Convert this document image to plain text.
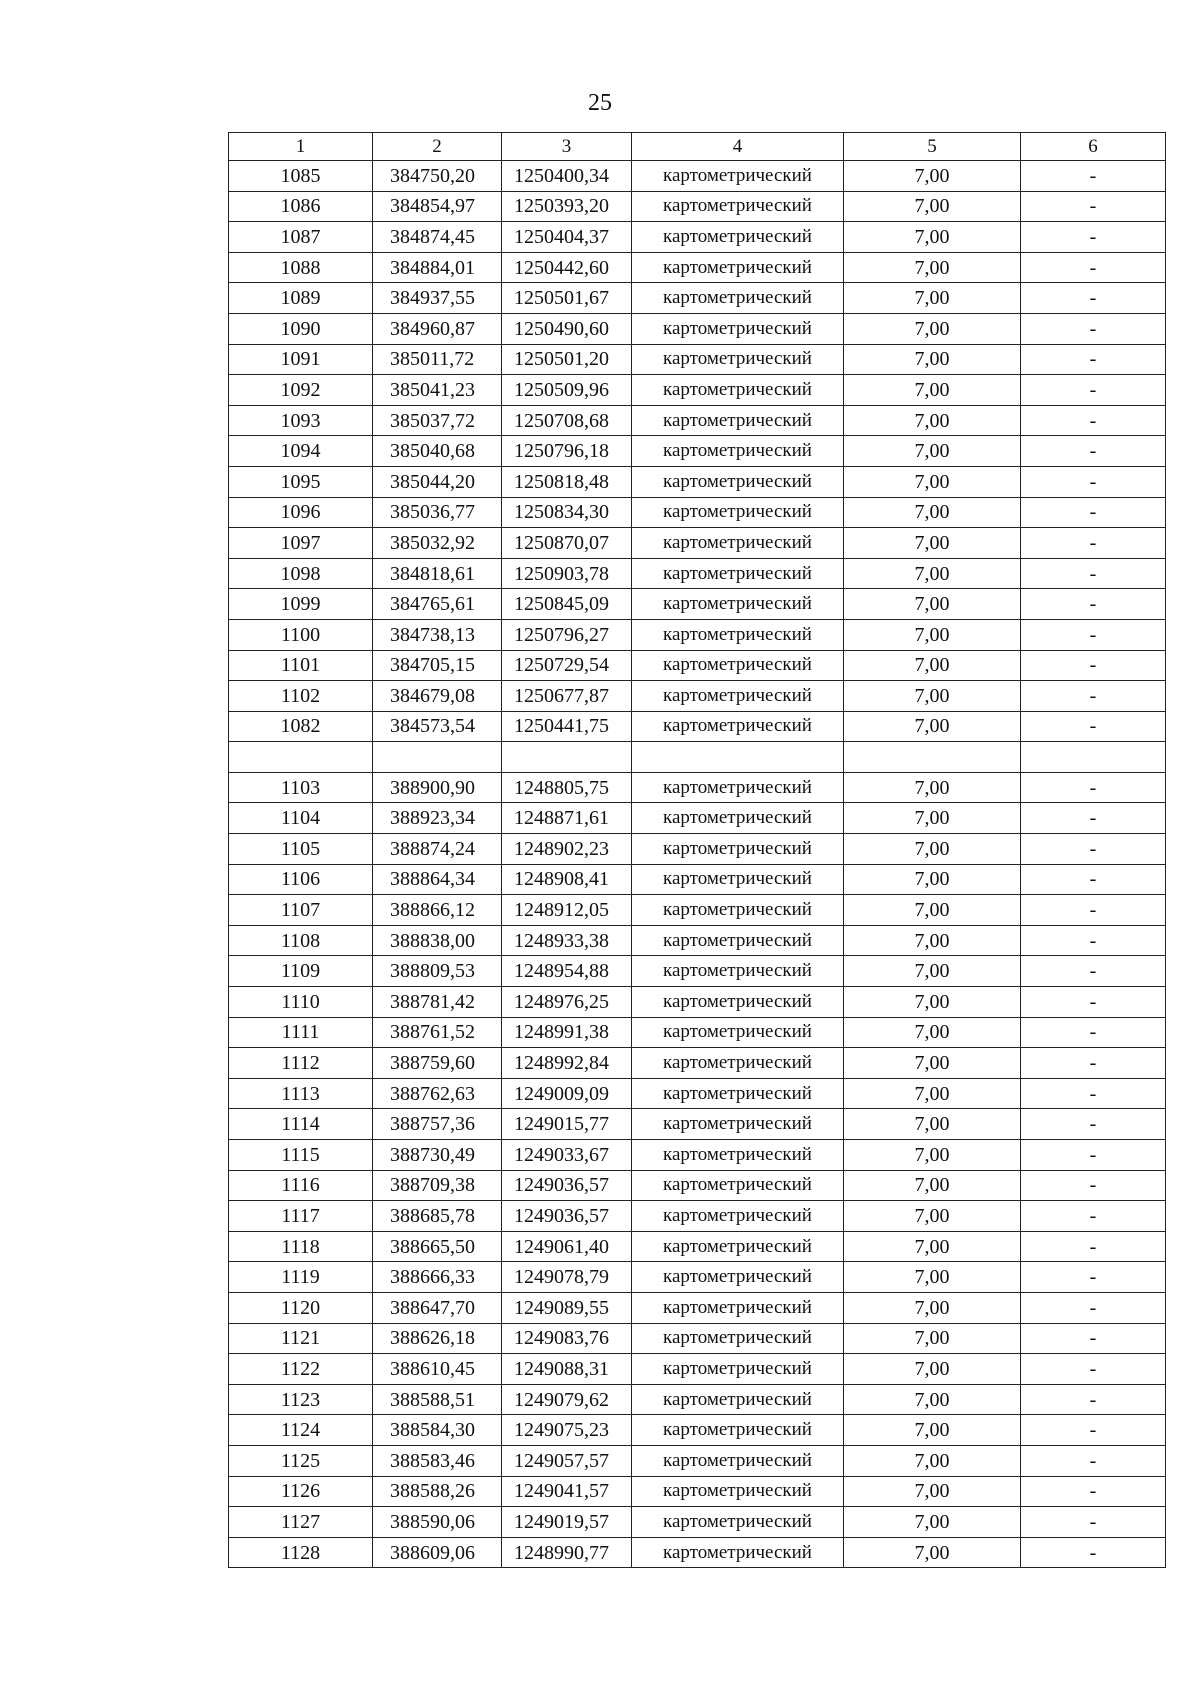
25
1	2	3	4	5	6
1085	384750,20	1250400,34	картометрический	7,00	-
1086	384854,97	1250393,20	картометрический	7,00	-
1087	384874,45	1250404,37	картометрический	7,00	-
1088	384884,01	1250442,60	картометрический	7,00	-
1089	384937,55	1250501,67	картометрический	7,00	-
1090	384960,87	1250490,60	картометрический	7,00	-
1091	385011,72	1250501,20	картометрический	7,00	-
1092	385041,23	1250509,96	картометрический	7,00	-
1093	385037,72	1250708,68	картометрический	7,00	-
1094	385040,68	1250796,18	картометрический	7,00	-
1095	385044,20	1250818,48	картометрический	7,00	-
1096	385036,77	1250834,30	картометрический	7,00	-
1097	385032,92	1250870,07	картометрический	7,00	-
1098	384818,61	1250903,78	картометрический	7,00	-
1099	384765,61	1250845,09	картометрический	7,00	-
1100	384738,13	1250796,27	картометрический	7,00	-
1101	384705,15	1250729,54	картометрический	7,00	-
1102	384679,08	1250677,87	картометрический	7,00	-
1082	384573,54	1250441,75	картометрический	7,00	-

1103	388900,90	1248805,75	картометрический	7,00	-
1104	388923,34	1248871,61	картометрический	7,00	-
1105	388874,24	1248902,23	картометрический	7,00	-
1106	388864,34	1248908,41	картометрический	7,00	-
1107	388866,12	1248912,05	картометрический	7,00	-
1108	388838,00	1248933,38	картометрический	7,00	-
1109	388809,53	1248954,88	картометрический	7,00	-
1110	388781,42	1248976,25	картометрический	7,00	-
1111	388761,52	1248991,38	картометрический	7,00	-
1112	388759,60	1248992,84	картометрический	7,00	-
1113	388762,63	1249009,09	картометрический	7,00	-
1114	388757,36	1249015,77	картометрический	7,00	-
1115	388730,49	1249033,67	картометрический	7,00	-
1116	388709,38	1249036,57	картометрический	7,00	-
1117	388685,78	1249036,57	картометрический	7,00	-
1118	388665,50	1249061,40	картометрический	7,00	-
1119	388666,33	1249078,79	картометрический	7,00	-
1120	388647,70	1249089,55	картометрический	7,00	-
1121	388626,18	1249083,76	картометрический	7,00	-
1122	388610,45	1249088,31	картометрический	7,00	-
1123	388588,51	1249079,62	картометрический	7,00	-
1124	388584,30	1249075,23	картометрический	7,00	-
1125	388583,46	1249057,57	картометрический	7,00	-
1126	388588,26	1249041,57	картометрический	7,00	-
1127	388590,06	1249019,57	картометрический	7,00	-
1128	388609,06	1248990,77	картометрический	7,00	-
